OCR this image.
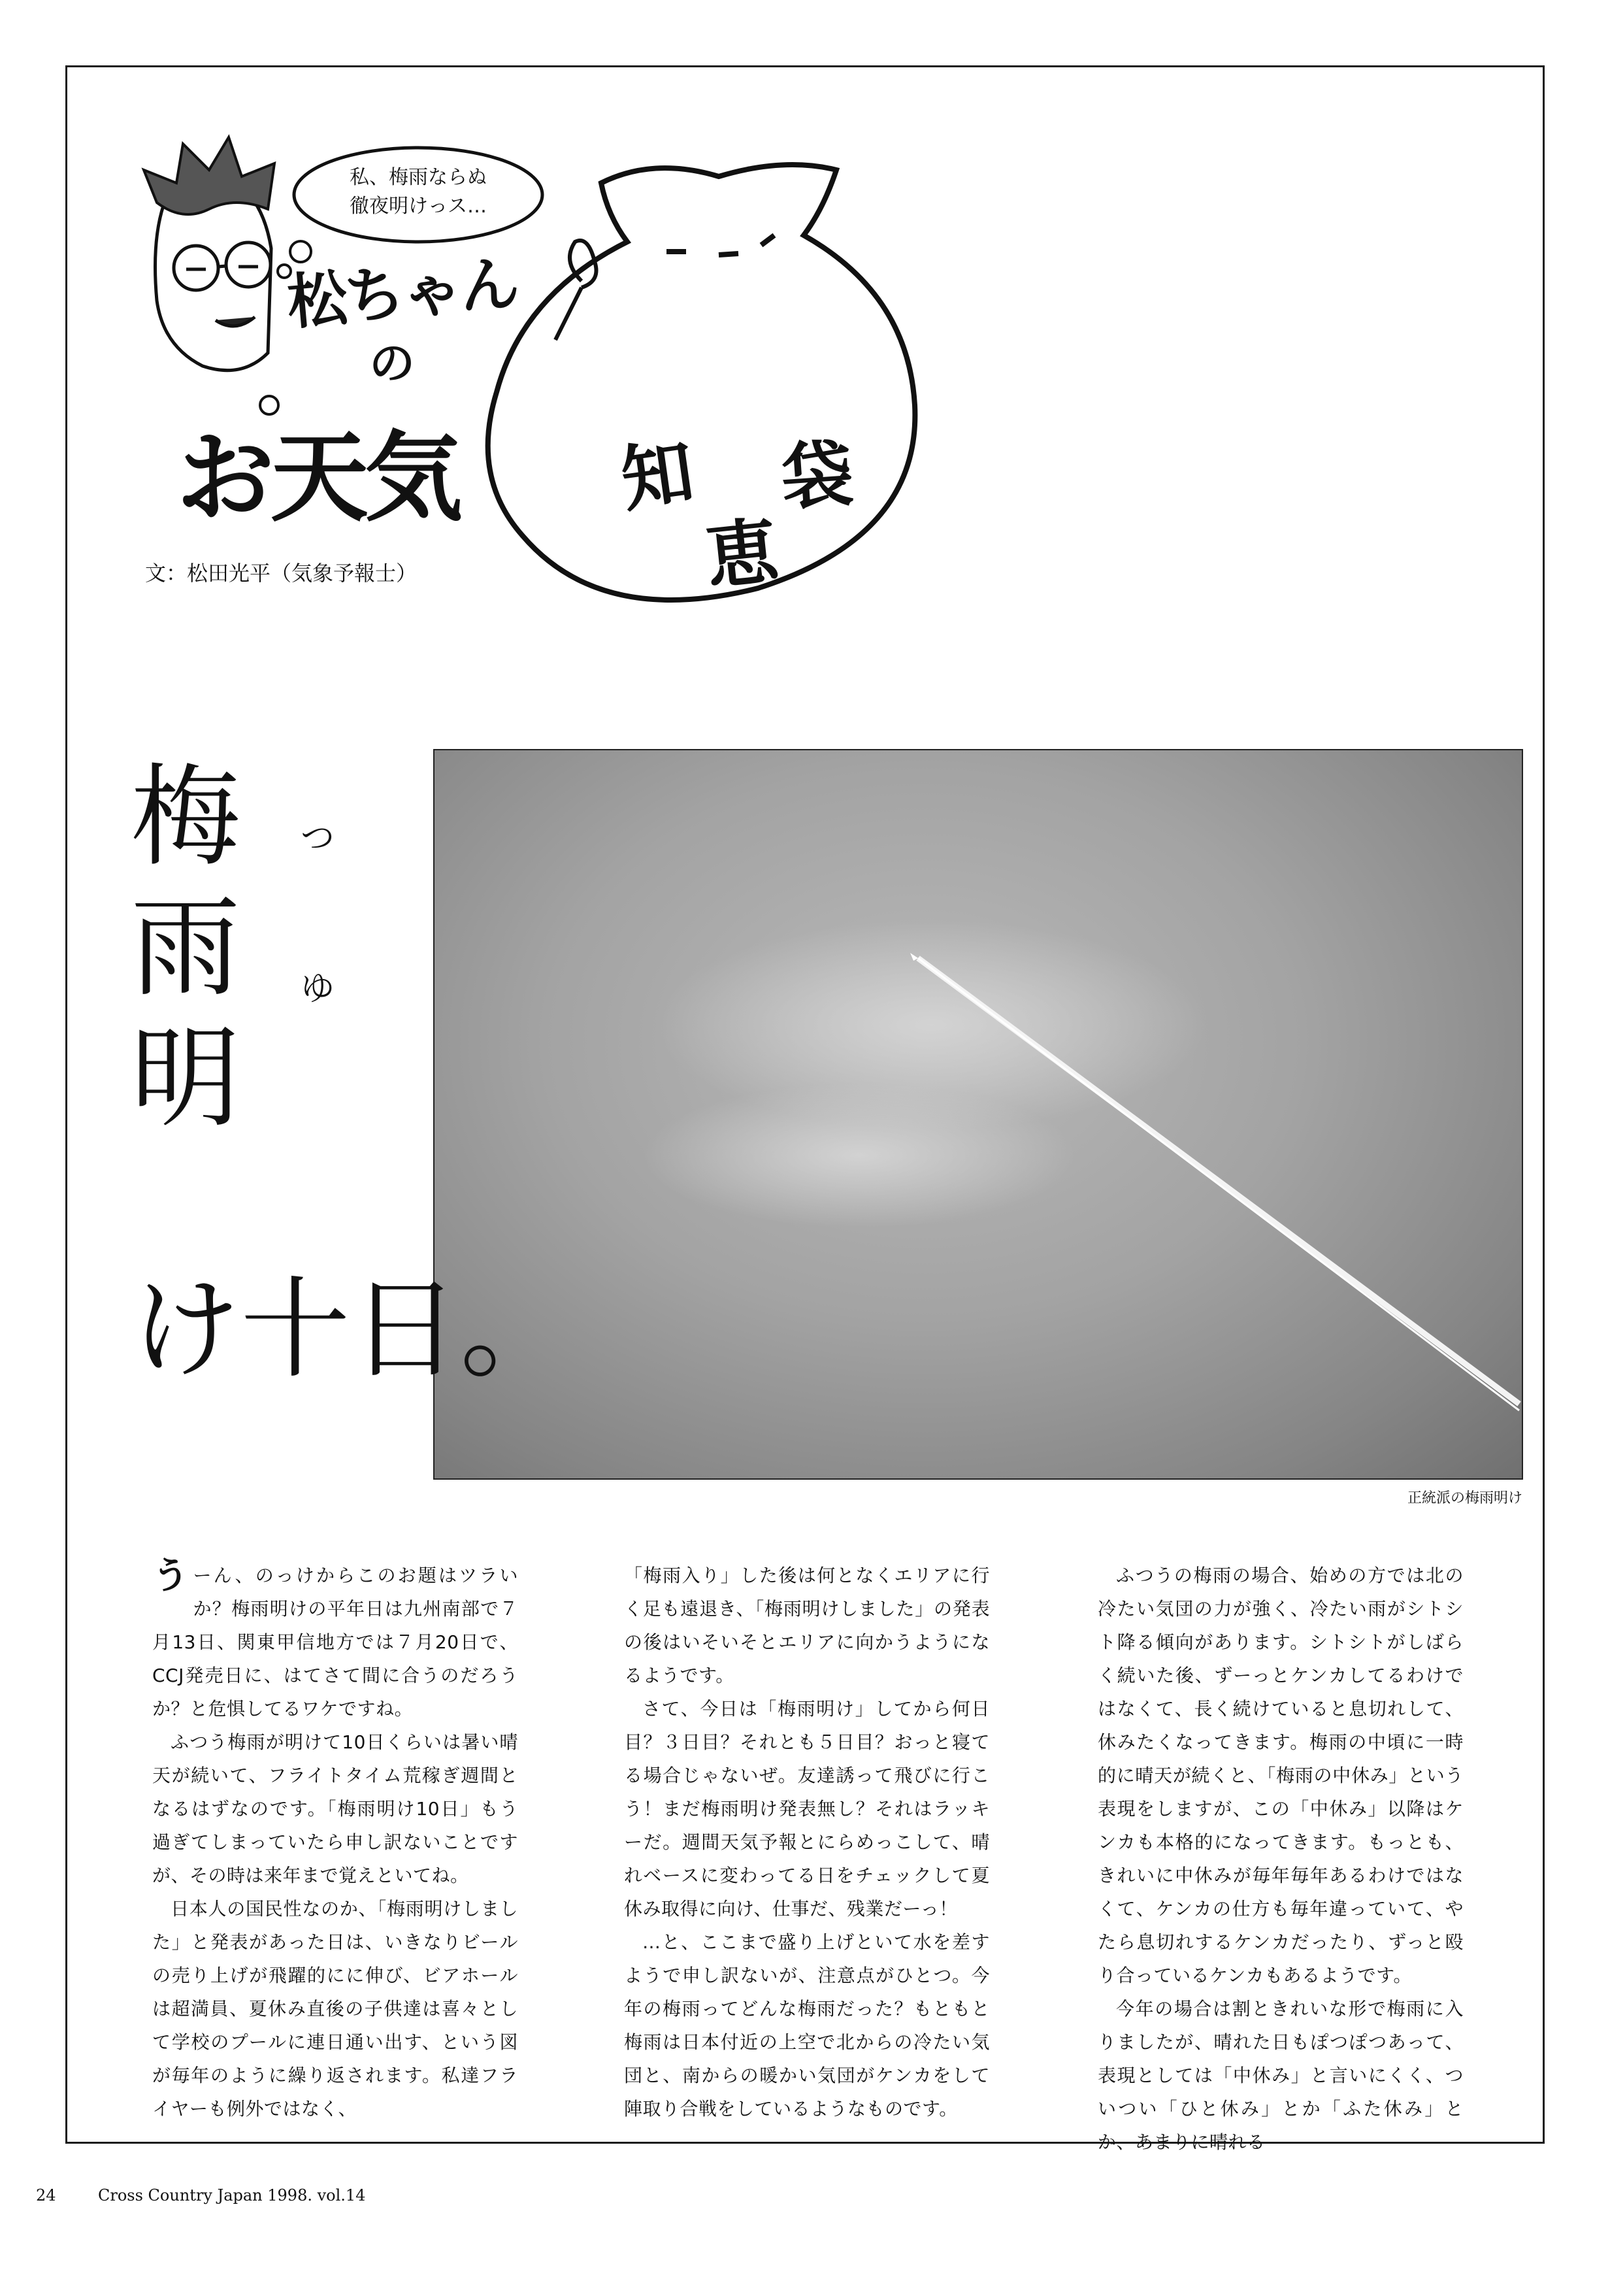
私、梅雨ならぬ
徹夜明けっス…
松ちゃん
の
お天気 知
恵
袋
文：松田光平（気象予報士）
梅
雨
明
つ
ゆ
け十日。
正統派の梅雨明け

う ーん、のっけからこのお題はツラいか？梅雨明けの平年日は九州南部で７月13日、関東甲信地方では７月20日で、CCJ発売日に、はてさて間に合うのだろうか？と危惧してるワケですね。

ふつう梅雨が明けて10日くらいは暑い晴天が続いて、フライトタイム荒稼ぎ週間となるはずなのです。「梅雨明け10日」もう過ぎてしまっていたら申し訳ないことですが、その時は来年まで覚えといてね。

日本人の国民性なのか、「梅雨明けしました」と発表があった日は、いきなりビールの売り上げが飛躍的にに伸び、ビアホールは超満員、夏休み直後の子供達は喜々として学校のプールに連日通い出す、という図が毎年のように繰り返されます。私達フライヤーも例外ではなく、

「梅雨入り」した後は何となくエリアに行く足も遠退き、「梅雨明けしました」の発表の後はいそいそとエリアに向かうようになるようです。

さて、今日は「梅雨明け」してから何日目？３日目？それとも５日目？おっと寝てる場合じゃないぜ。友達誘って飛びに行こう！まだ梅雨明け発表無し？それはラッキーだ。週間天気予報とにらめっこして、晴れベースに変わってる日をチェックして夏休み取得に向け、仕事だ、残業だーっ！

…と、ここまで盛り上げといて水を差すようで申し訳ないが、注意点がひとつ。今年の梅雨ってどんな梅雨だった？もともと梅雨は日本付近の上空で北からの冷たい気団と、南からの暖かい気団がケンカをして陣取り合戦をしているようなものです。

ふつうの梅雨の場合、始めの方では北の冷たい気団の力が強く、冷たい雨がシトシト降る傾向があります。シトシトがしばらく続いた後、ずーっとケンカしてるわけではなくて、長く続けていると息切れして、休みたくなってきます。梅雨の中頃に一時的に晴天が続くと、「梅雨の中休み」という表現をしますが、この「中休み」以降はケンカも本格的になってきます。もっとも、きれいに中休みが毎年毎年あるわけではなくて、ケンカの仕方も毎年違っていて、やたら息切れするケンカだったり、ずっと殴り合っているケンカもあるようです。

今年の場合は割ときれいな形で梅雨に入りましたが、晴れた日もぽつぽつあって、表現としては「中休み」と言いにくく、ついつい「ひと休み」とか「ふた休み」とか、あまりに晴れる

24	Cross Country Japan 1998. vol.14
